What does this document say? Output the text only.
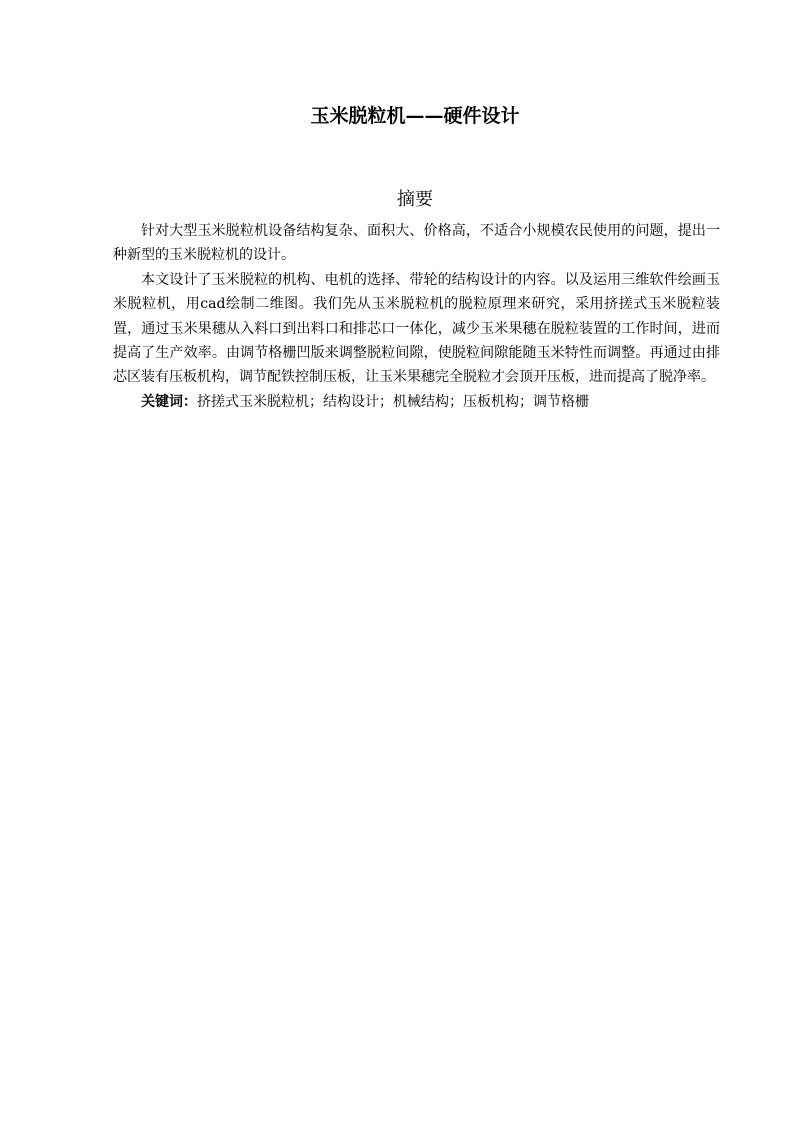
玉米脱粒机——硬件设计
摘要

针对大型玉米脱粒机设备结构复杂、面积大、价格高，不适合小规模农民使用的问题，提出一种新型的玉米脱粒机的设计。

本文设计了玉米脱粒的机构、电机的选择、带轮的结构设计的内容。以及运用三维软件绘画玉米脱粒机，用cad绘制二维图。我们先从玉米脱粒机的脱粒原理来研究，采用挤搓式玉米脱粒装置，通过玉米果穗从入料口到出料口和排芯口一体化，减少玉米果穗在脱粒装置的工作时间，进而提高了生产效率。由调节格栅凹版来调整脱粒间隙，使脱粒间隙能随玉米特性而调整。再通过由排芯区装有压板机构，调节配铁控制压板，让玉米果穗完全脱粒才会顶开压板，进而提高了脱净率。

关键词：挤搓式玉米脱粒机；结构设计；机械结构；压板机构；调节格栅
